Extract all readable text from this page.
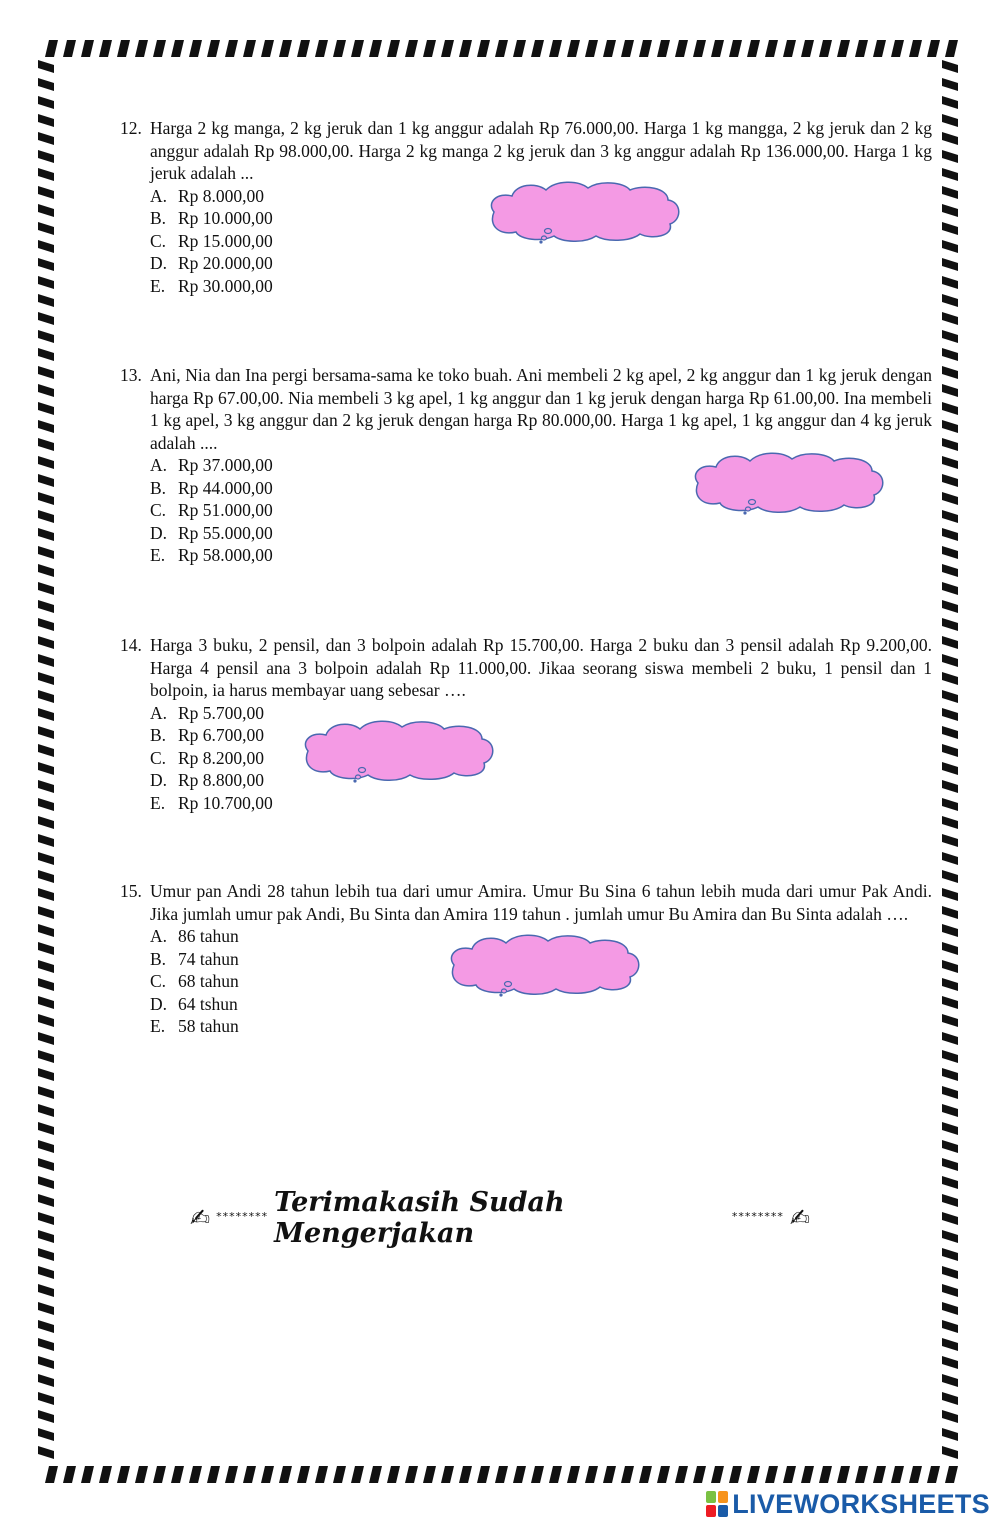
12. Harga 2 kg manga, 2 kg jeruk dan 1 kg anggur adalah Rp 76.000,00. Harga 1 kg mangga, 2 kg jeruk dan 2 kg anggur adalah Rp 98.000,00. Harga 2 kg manga 2 kg jeruk dan 3 kg anggur adalah Rp 136.000,00. Harga 1 kg jeruk adalah ...
A. Rp 8.000,00
B. Rp 10.000,00
C. Rp 15.000,00
D. Rp 20.000,00
E. Rp 30.000,00
13. Ani, Nia dan Ina pergi bersama-sama ke toko buah. Ani membeli 2 kg apel, 2 kg anggur dan 1 kg jeruk dengan harga Rp 67.00,00. Nia membeli 3 kg apel, 1 kg anggur dan 1 kg jeruk dengan harga Rp 61.00,00. Ina membeli 1 kg apel, 3 kg anggur dan 2 kg jeruk dengan harga Rp 80.000,00. Harga 1 kg apel, 1 kg anggur dan 4 kg jeruk adalah ....
A. Rp 37.000,00
B. Rp 44.000,00
C. Rp 51.000,00
D. Rp 55.000,00
E. Rp 58.000,00
14. Harga 3 buku, 2 pensil, dan 3 bolpoin adalah Rp 15.700,00. Harga 2 buku dan 3 pensil adalah Rp 9.200,00. Harga 4 pensil ana 3 bolpoin adalah Rp 11.000,00. Jikaa seorang siswa membeli 2 buku, 1 pensil dan 1 bolpoin, ia harus membayar uang sebesar ….
A. Rp 5.700,00
B. Rp 6.700,00
C. Rp 8.200,00
D. Rp 8.800,00
E. Rp 10.700,00
15. Umur pan Andi 28 tahun lebih tua dari umur Amira. Umur Bu Sina 6 tahun lebih muda dari umur Pak Andi. Jika jumlah umur pak Andi, Bu Sinta dan Amira 119 tahun . jumlah umur Bu Amira dan Bu Sinta adalah ….
A. 86 tahun
B. 74 tahun
C. 68 tahun
D. 64 tshun
E. 58 tahun
✍ ******** Terimakasih Sudah Mengerjakan
******** ✍
LIVEWORKSHEETS
